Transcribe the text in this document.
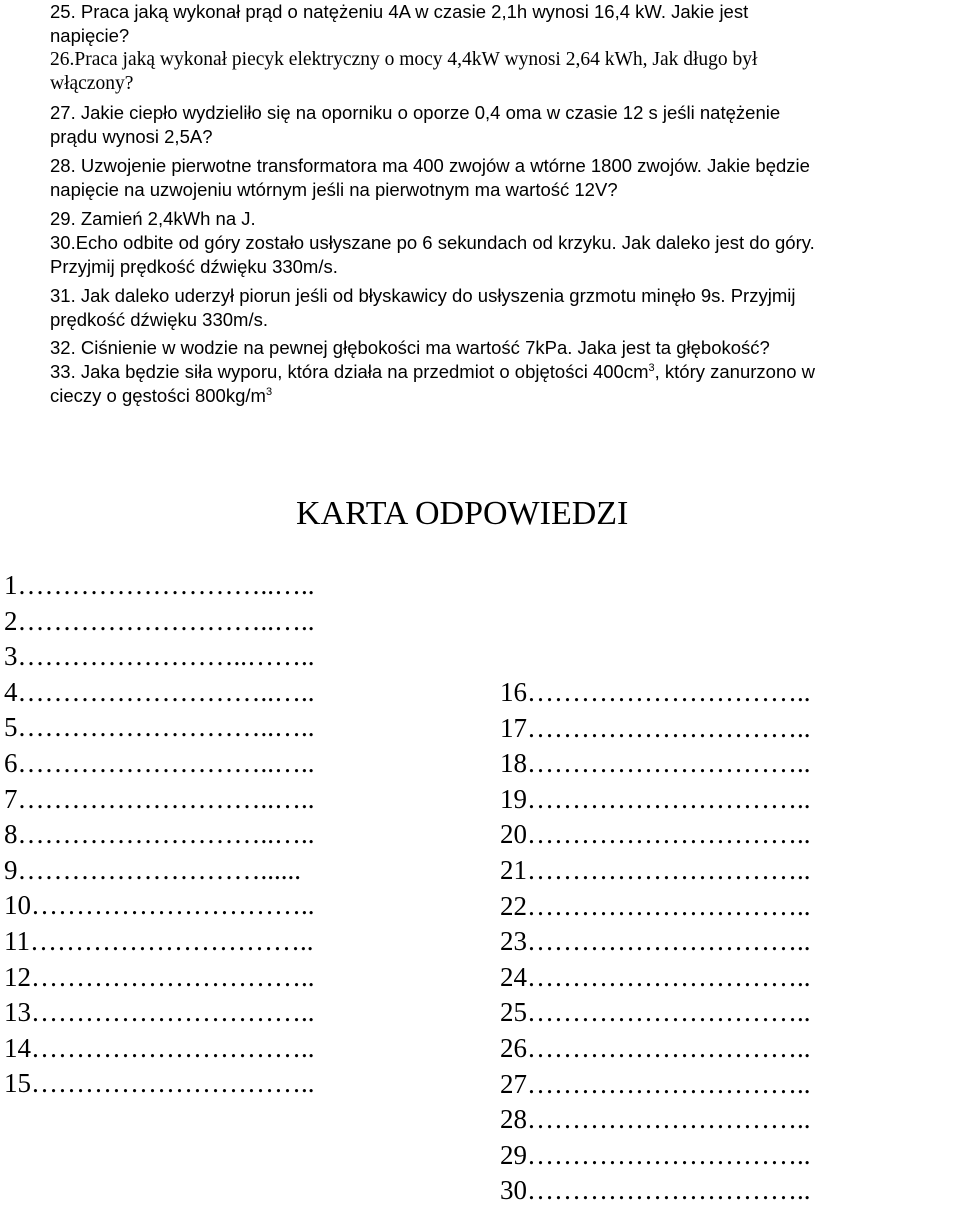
25. Praca jaką wykonał prąd o natężeniu 4A w czasie 2,1h wynosi 16,4 kW. Jakie jest
napięcie?
26.Praca jaką wykonał piecyk elektryczny o mocy 4,4kW wynosi 2,64 kWh, Jak długo był
włączony?
27. Jakie ciepło wydzieliło się na oporniku o oporze 0,4 oma w czasie 12 s jeśli natężenie
prądu wynosi 2,5A?
28. Uzwojenie pierwotne transformatora ma 400 zwojów a wtórne 1800 zwojów. Jakie będzie
napięcie na uzwojeniu wtórnym jeśli na pierwotnym ma wartość 12V?
29. Zamień 2,4kWh na J.
30.Echo odbite od góry zostało usłyszane po 6 sekundach od krzyku. Jak daleko jest do góry.
Przyjmij prędkość dźwięku 330m/s.
31. Jak daleko uderzył piorun jeśli od błyskawicy do usłyszenia grzmotu minęło 9s. Przyjmij
prędkość dźwięku 330m/s.
32. Ciśnienie w wodzie na pewnej głębokości ma wartość 7kPa. Jaka jest ta głębokość?
33. Jaka będzie siła wyporu, która działa na przedmiot o objętości $400cm^3$, który zanurzono w
cieczy o gęstości $800kg/m^3$
KARTA ODPOWIEDZI
1………………………..…..
2………………………..…..
3……………………..……..
4………………………..…..
5………………………..…..
6………………………..…..
7………………………..…..
8………………………..…..
9………………………......
10…………………………..
11…………………………..
12…………………………..
13…………………………..
14…………………………..
15…………………………..
16…………………………..
17…………………………..
18…………………………..
19…………………………..
20…………………………..
21…………………………..
22…………………………..
23…………………………..
24…………………………..
25…………………………..
26…………………………..
27…………………………..
28…………………………..
29…………………………..
30…………………………..
